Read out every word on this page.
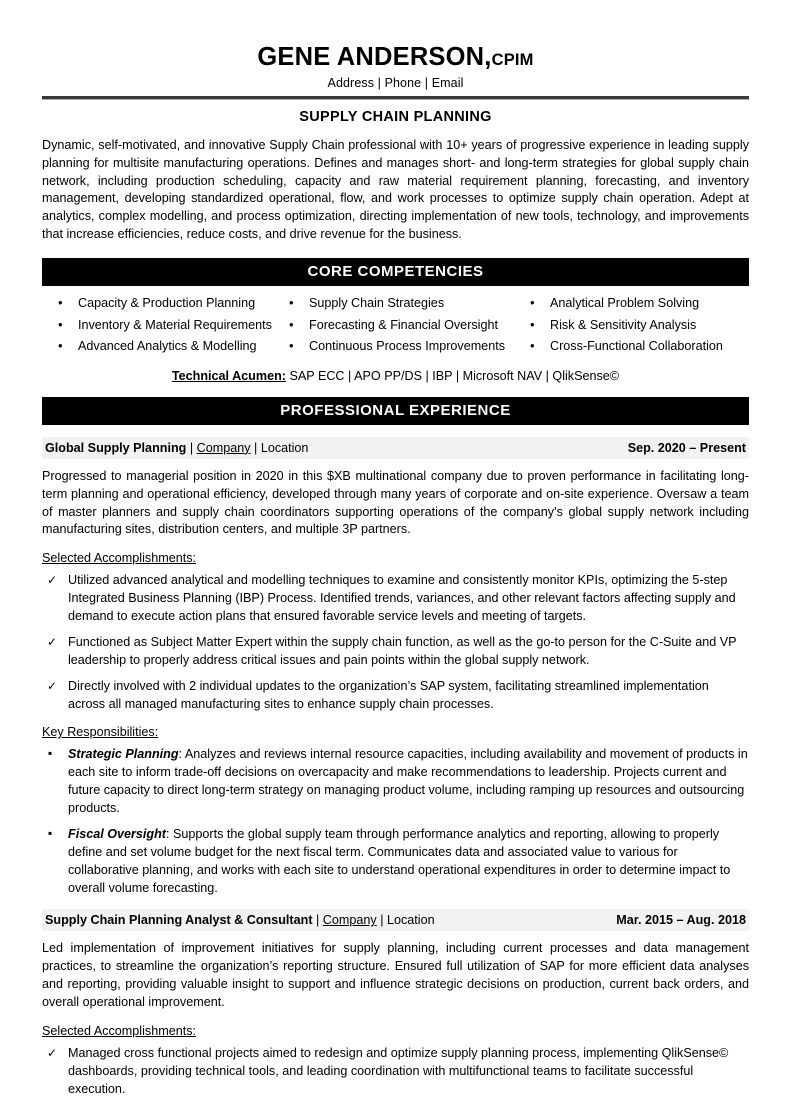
GENE ANDERSON,CPIM
Address | Phone | Email
SUPPLY CHAIN PLANNING
Dynamic, self-motivated, and innovative Supply Chain professional with 10+ years of progressive experience in leading supply planning for multisite manufacturing operations. Defines and manages short- and long-term strategies for global supply chain network, including production scheduling, capacity and raw material requirement planning, forecasting, and inventory management, developing standardized operational, flow, and work processes to optimize supply chain operation. Adept at analytics, complex modelling, and process optimization, directing implementation of new tools, technology, and improvements that increase efficiencies, reduce costs, and drive revenue for the business.
CORE COMPETENCIES
• Capacity & Production Planning
• Inventory & Material Requirements
• Advanced Analytics & Modelling
• Supply Chain Strategies
• Forecasting & Financial Oversight
• Continuous Process Improvements
• Analytical Problem Solving
• Risk & Sensitivity Analysis
• Cross-Functional Collaboration
Technical Acumen: SAP ECC | APO PP/DS | IBP | Microsoft NAV | QlikSense©
PROFESSIONAL EXPERIENCE
Global Supply Planning | Company | Location	Sep. 2020 – Present
Progressed to managerial position in 2020 in this $XB multinational company due to proven performance in facilitating long-term planning and operational efficiency, developed through many years of corporate and on-site experience. Oversaw a team of master planners and supply chain coordinators supporting operations of the company’s global supply network including manufacturing sites, distribution centers, and multiple 3P partners.
Selected Accomplishments:
✓ Utilized advanced analytical and modelling techniques to examine and consistently monitor KPIs, optimizing the 5-step Integrated Business Planning (IBP) Process. Identified trends, variances, and other relevant factors affecting supply and demand to execute action plans that ensured favorable service levels and meeting of targets.
✓ Functioned as Subject Matter Expert within the supply chain function, as well as the go-to person for the C-Suite and VP leadership to properly address critical issues and pain points within the global supply network.
✓ Directly involved with 2 individual updates to the organization’s SAP system, facilitating streamlined implementation across all managed manufacturing sites to enhance supply chain processes.
Key Responsibilities:
▪ Strategic Planning: Analyzes and reviews internal resource capacities, including availability and movement of products in each site to inform trade-off decisions on overcapacity and make recommendations to leadership. Projects current and future capacity to direct long-term strategy on managing product volume, including ramping up resources and outsourcing products.
▪ Fiscal Oversight: Supports the global supply team through performance analytics and reporting, allowing to properly define and set volume budget for the next fiscal term. Communicates data and associated value to various for collaborative planning, and works with each site to understand operational expenditures in order to determine impact to overall volume forecasting.
Supply Chain Planning Analyst & Consultant | Company | Location	Mar. 2015 – Aug. 2018
Led implementation of improvement initiatives for supply planning, including current processes and data management practices, to streamline the organization’s reporting structure. Ensured full utilization of SAP for more efficient data analyses and reporting, providing valuable insight to support and influence strategic decisions on production, current back orders, and overall operational improvement.
Selected Accomplishments:
✓ Managed cross functional projects aimed to redesign and optimize supply planning process, implementing QlikSense© dashboards, providing technical tools, and leading coordination with multifunctional teams to facilitate successful execution.
